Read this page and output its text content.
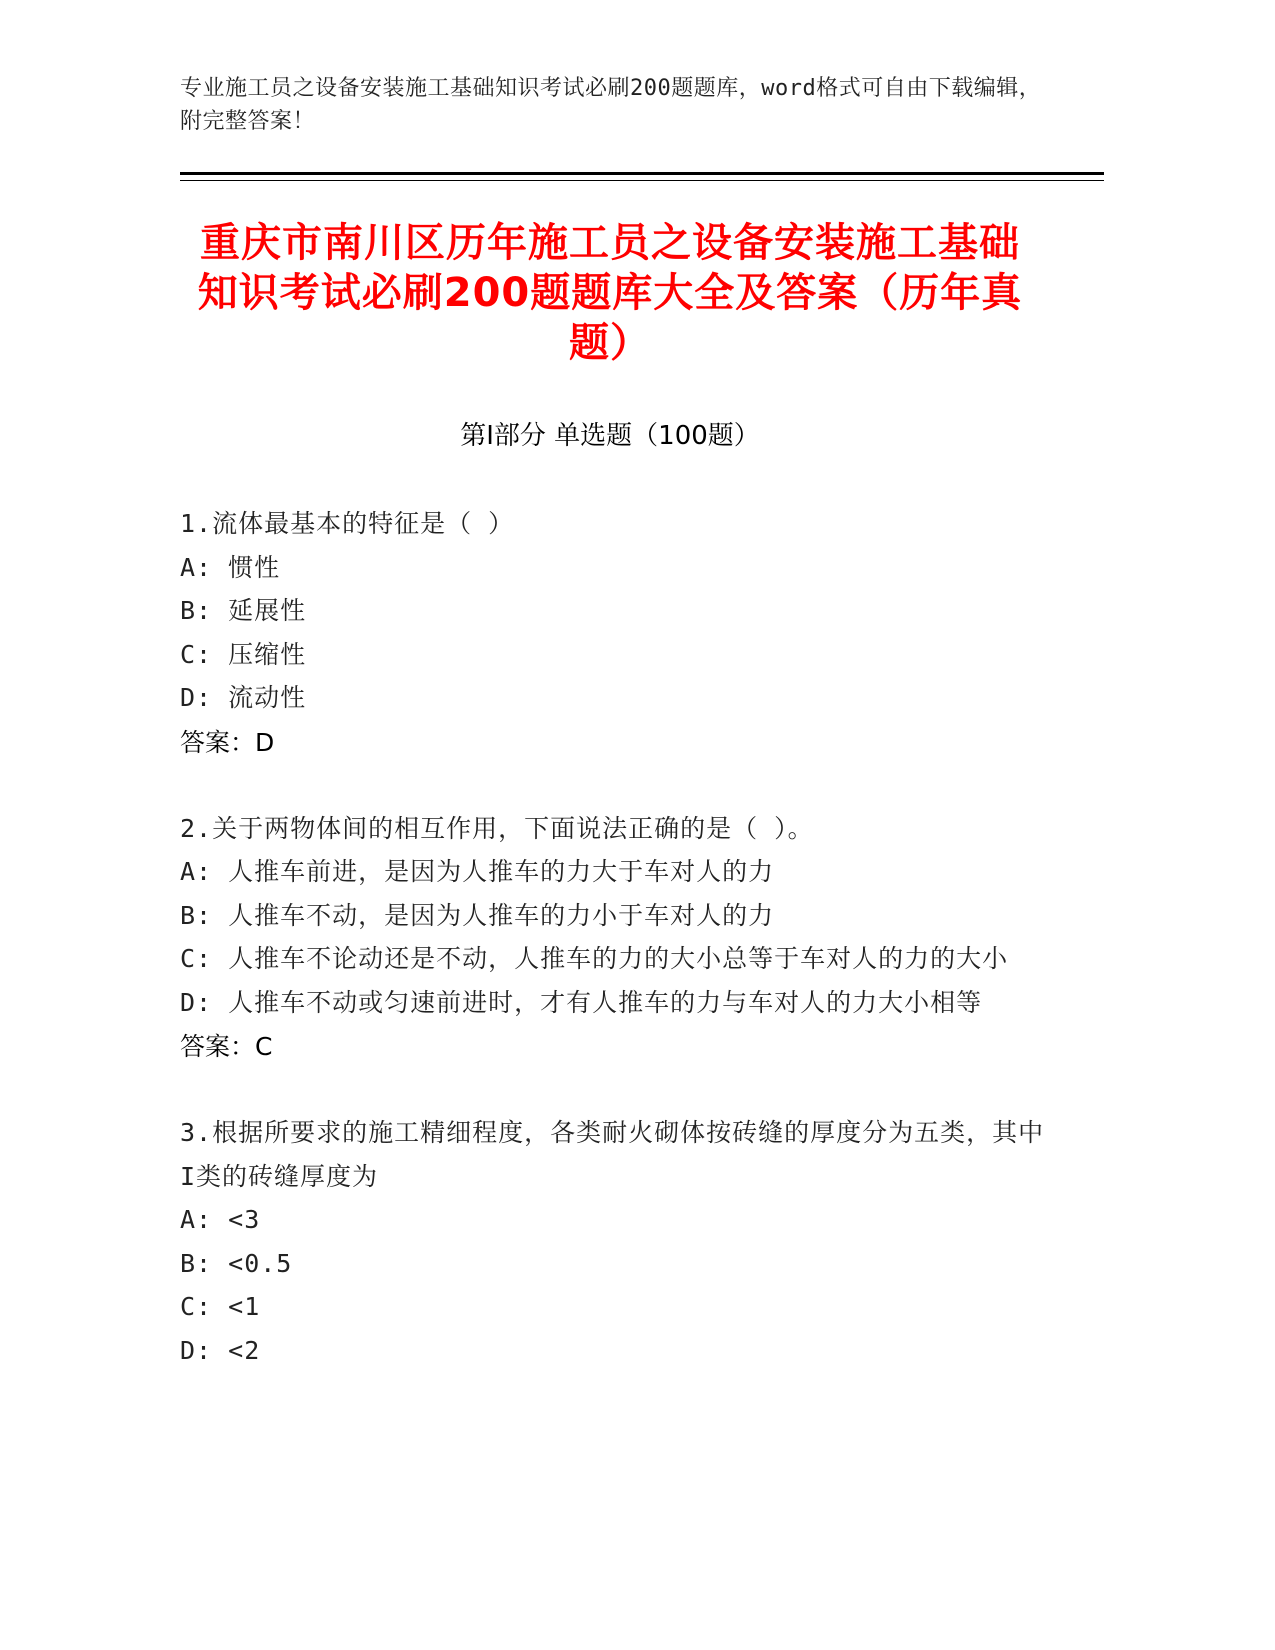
专业施工员之设备安装施工基础知识考试必刷200题题库，word格式可自由下载编辑，附完整答案！
重庆市南川区历年施工员之设备安装施工基础知识考试必刷200题题库大全及答案（历年真题）
第I部分 单选题（100题）
1.流体最基本的特征是（ ）
A: 惯性
B: 延展性
C: 压缩性
D: 流动性
答案：D
2.关于两物体间的相互作用，下面说法正确的是（ ）。
A: 人推车前进，是因为人推车的力大于车对人的力
B: 人推车不动，是因为人推车的力小于车对人的力
C: 人推车不论动还是不动，人推车的力的大小总等于车对人的力的大小
D: 人推车不动或匀速前进时，才有人推车的力与车对人的力大小相等
答案：C
3.根据所要求的施工精细程度，各类耐火砌体按砖缝的厚度分为五类，其中I类的砖缝厚度为
A: <3
B: <0.5
C: <1
D: <2
